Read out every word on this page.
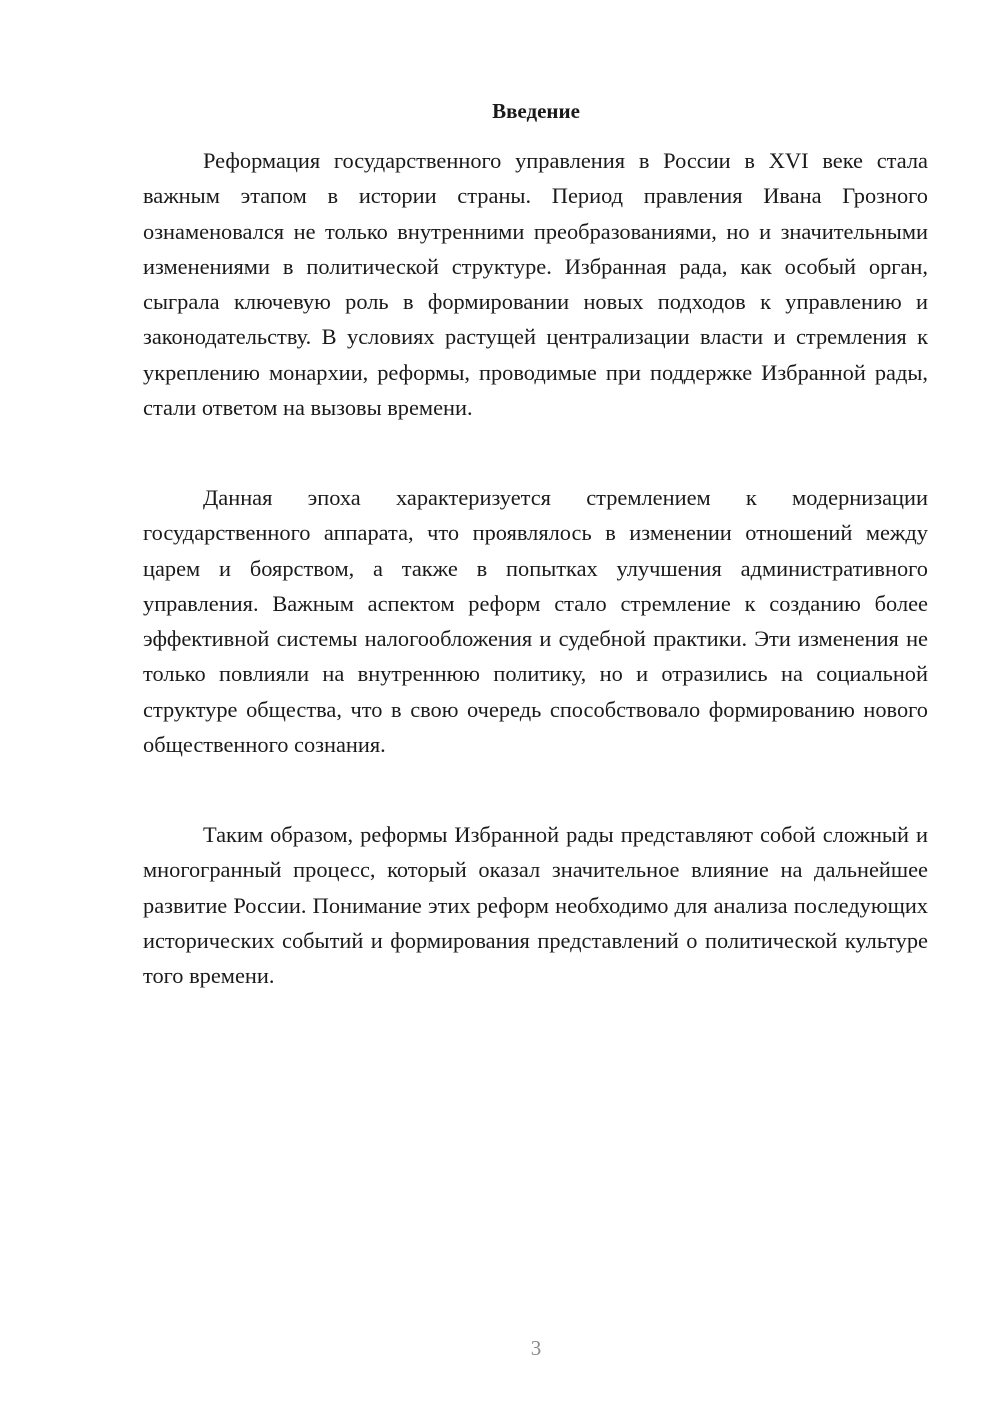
Введение

Реформация государственного управления в России в XVI веке стала важным этапом в истории страны. Период правления Ивана Грозного ознаменовался не только внутренними преобразованиями, но и значительными изменениями в политической структуре. Избранная рада, как особый орган, сыграла ключевую роль в формировании новых подходов к управлению и законодательству. В условиях растущей централизации власти и стремления к укреплению монархии, реформы, проводимые при поддержке Избранной рады, стали ответом на вызовы времени.

Данная эпоха характеризуется стремлением к модернизации государственного аппарата, что проявлялось в изменении отношений между царем и боярством, а также в попытках улучшения административного управления. Важным аспектом реформ стало стремление к созданию более эффективной системы налогообложения и судебной практики. Эти изменения не только повлияли на внутреннюю политику, но и отразились на социальной структуре общества, что в свою очередь способствовало формированию нового общественного сознания.

Таким образом, реформы Избранной рады представляют собой сложный и многогранный процесс, который оказал значительное влияние на дальнейшее развитие России. Понимание этих реформ необходимо для анализа последующих исторических событий и формирования представлений о политической культуре того времени.

3
